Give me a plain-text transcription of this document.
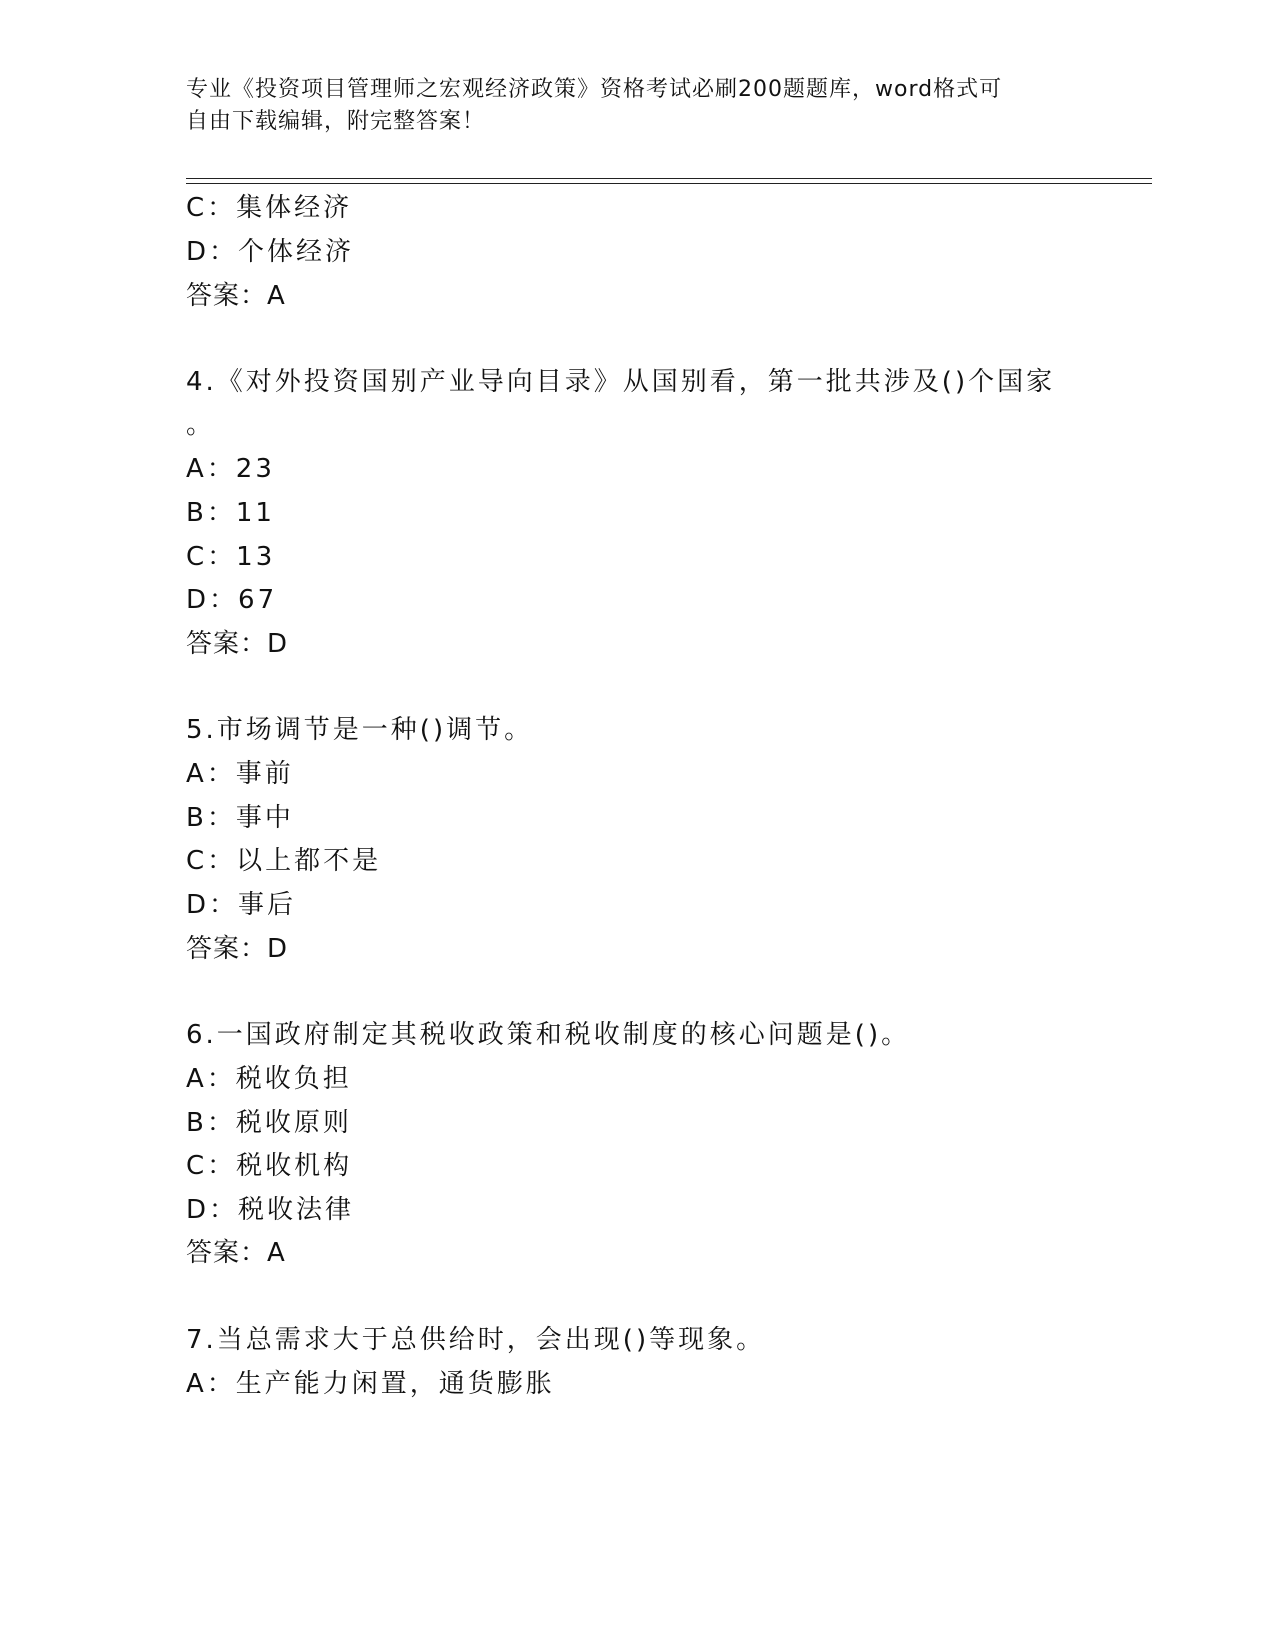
专业《投资项目管理师之宏观经济政策》资格考试必刷200题题库，word格式可
自由下载编辑，附完整答案！
C：集体经济
D：个体经济
答案：A
4.《对外投资国别产业导向目录》从国别看，第一批共涉及()个国家
。
A：23
B：11
C：13
D：67
答案：D
5.市场调节是一种()调节。
A：事前
B：事中
C：以上都不是
D：事后
答案：D
6.一国政府制定其税收政策和税收制度的核心问题是()。
A：税收负担
B：税收原则
C：税收机构
D：税收法律
答案：A
7.当总需求大于总供给时，会出现()等现象。
A：生产能力闲置，通货膨胀
